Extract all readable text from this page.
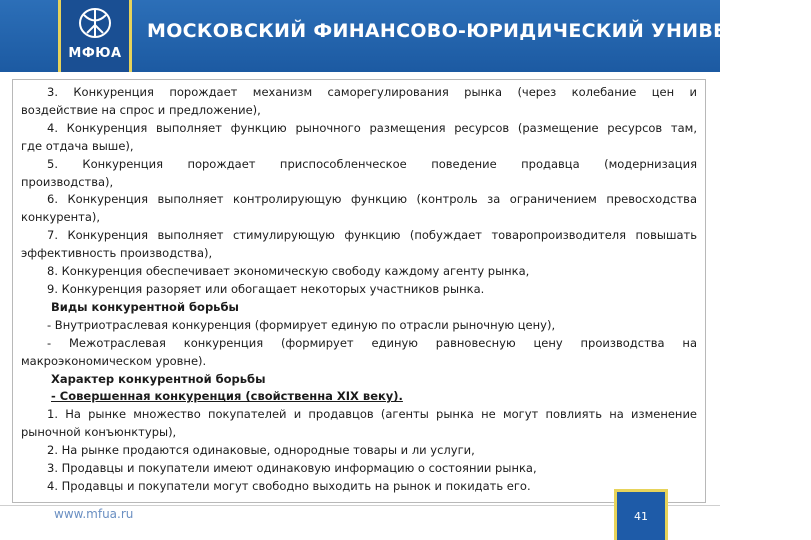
МФЮА
МОСКОВСКИЙ ФИНАНСОВО-ЮРИДИЧЕСКИЙ УНИВЕРСИТЕТ

3. Конкуренция порождает механизм саморегулирования рынка (через колебание цен и

воздействие на спрос и предложение),

4. Конкуренция выполняет функцию рыночного размещения ресурсов (размещение ресурсов там,

где отдача выше),

5. Конкуренция порождает приспособленческое поведение продавца (модернизация

производства),

6. Конкуренция выполняет контролирующую функцию (контроль за ограничением превосходства

конкурента),

7. Конкуренция выполняет стимулирующую функцию (побуждает товаропроизводителя повышать

эффективность производства),

8. Конкуренция обеспечивает экономическую свободу каждому агенту рынка,

9. Конкуренция разоряет или обогащает некоторых участников рынка.

Виды конкурентной борьбы

- Внутриотраслевая конкуренция (формирует единую по отрасли рыночную цену),

- Межотраслевая конкуренция (формирует единую равновесную цену производства на

макроэкономическом уровне).

Характер конкурентной борьбы

- Совершенная конкуренция (свойственна XIX веку).

1. На рынке множество покупателей и продавцов (агенты рынка не могут повлиять на изменение

рыночной конъюнктуры),

2. На рынке продаются одинаковые, однородные товары и ли услуги,

3. Продавцы и покупатели имеют одинаковую информацию о состоянии рынка,

4. Продавцы и покупатели могут свободно выходить на рынок и покидать его.

www.mfua.ru	41
